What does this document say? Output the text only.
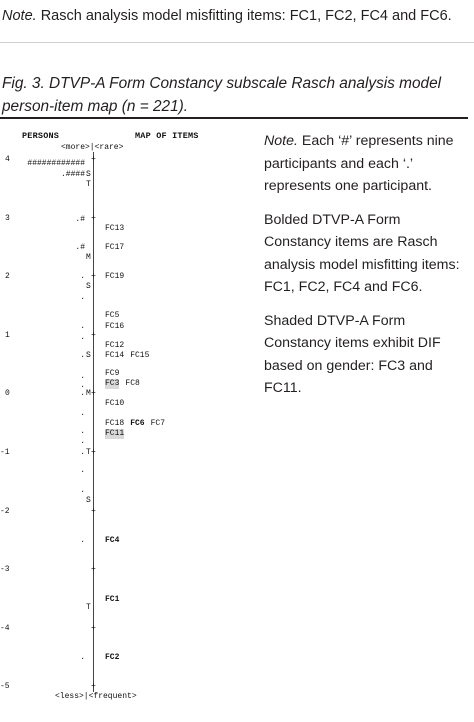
Note. Rasch analysis model misfitting items: FC1, FC2, FC4 and FC6.
Fig. 3. DTVP-A Form Constancy subscale Rasch analysis model person-item map (n = 221).
PERSONS	MAP OF ITEMS
<more>|<rare>
<less>|<frequent>
4	+
3	+
2	+
1	+
0	+
-1	+
-2	+
-3	+
-4	+
-5	+
############
.####
.#
.#
.
.
.
.
.
.
.
.
.
.
.
.
.
.
.
.
S
T
M
S
S
M
T
S
T
FC13
FC17
FC19
FC5
FC16
FC12
FC14 FC15
FC9
FC3 FC8
FC10
FC18 FC6 FC7
FC11
FC4
FC1
FC2

Note. Each ‘#’ represents nine participants and each ‘.’ represents one participant.

Bolded DTVP-A Form Constancy items are Rasch analysis model misfitting items: FC1, FC2, FC4 and FC6.

Shaded DTVP-A Form Constancy items exhibit DIF based on gender: FC3 and FC11.
